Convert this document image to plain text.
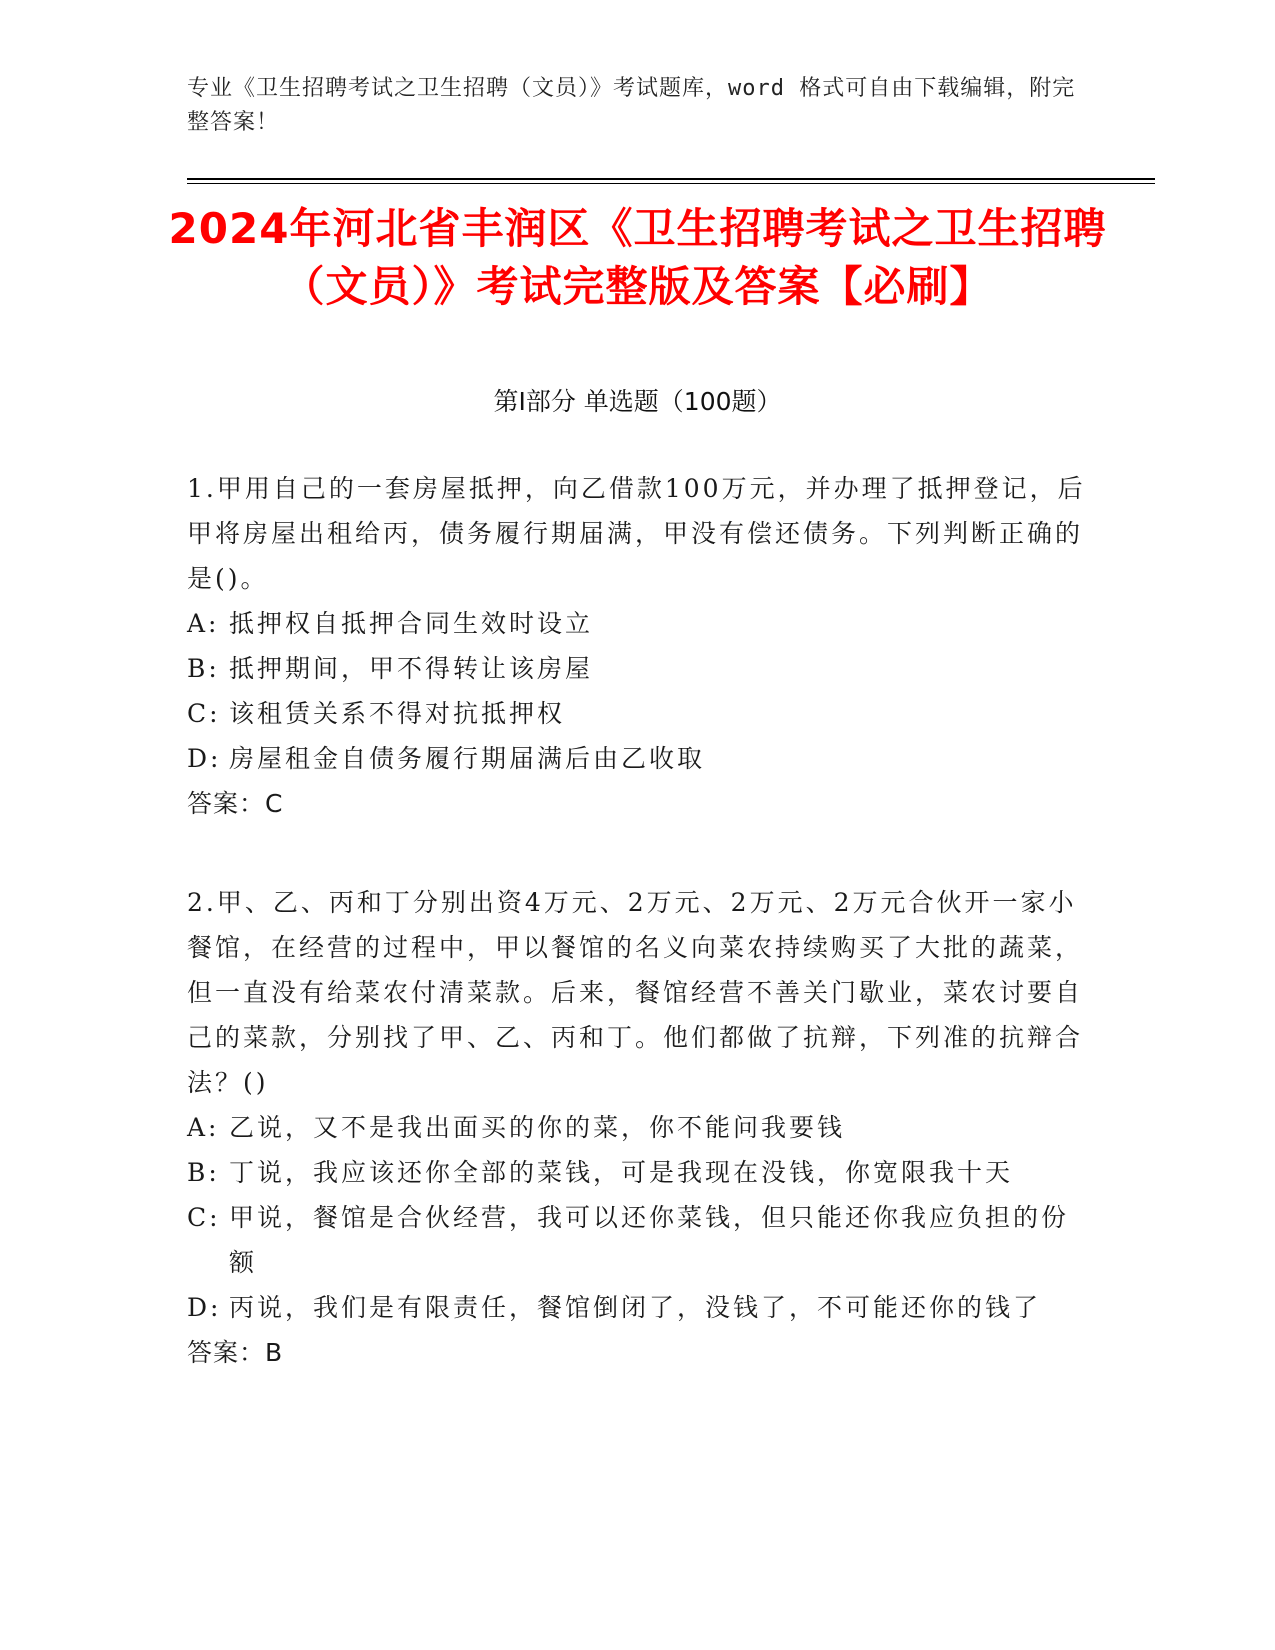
专业《卫生招聘考试之卫生招聘（文员）》考试题库，word 格式可自由下载编辑，附完整答案！
2024年河北省丰润区《卫生招聘考试之卫生招聘（文员）》考试完整版及答案【必刷】
第Ⅰ部分 单选题（100题）
1.甲用自己的一套房屋抵押，向乙借款100万元，并办理了抵押登记，后甲将房屋出租给丙，债务履行期届满，甲没有偿还债务。下列判断正确的是()。
A: 抵押权自抵押合同生效时设立
B: 抵押期间，甲不得转让该房屋
C: 该租赁关系不得对抗抵押权
D: 房屋租金自债务履行期届满后由乙收取
答案：C
2.甲、乙、丙和丁分别出资4万元、2万元、2万元、2万元合伙开一家小餐馆，在经营的过程中，甲以餐馆的名义向菜农持续购买了大批的蔬菜，但一直没有给菜农付清菜款。后来，餐馆经营不善关门歇业，菜农讨要自己的菜款，分别找了甲、乙、丙和丁。他们都做了抗辩，下列准的抗辩合法？()
A: 乙说，又不是我出面买的你的菜，你不能问我要钱
B: 丁说，我应该还你全部的菜钱，可是我现在没钱，你宽限我十天
C: 甲说，餐馆是合伙经营，我可以还你菜钱，但只能还你我应负担的份额
D: 丙说，我们是有限责任，餐馆倒闭了，没钱了，不可能还你的钱了
答案：B
